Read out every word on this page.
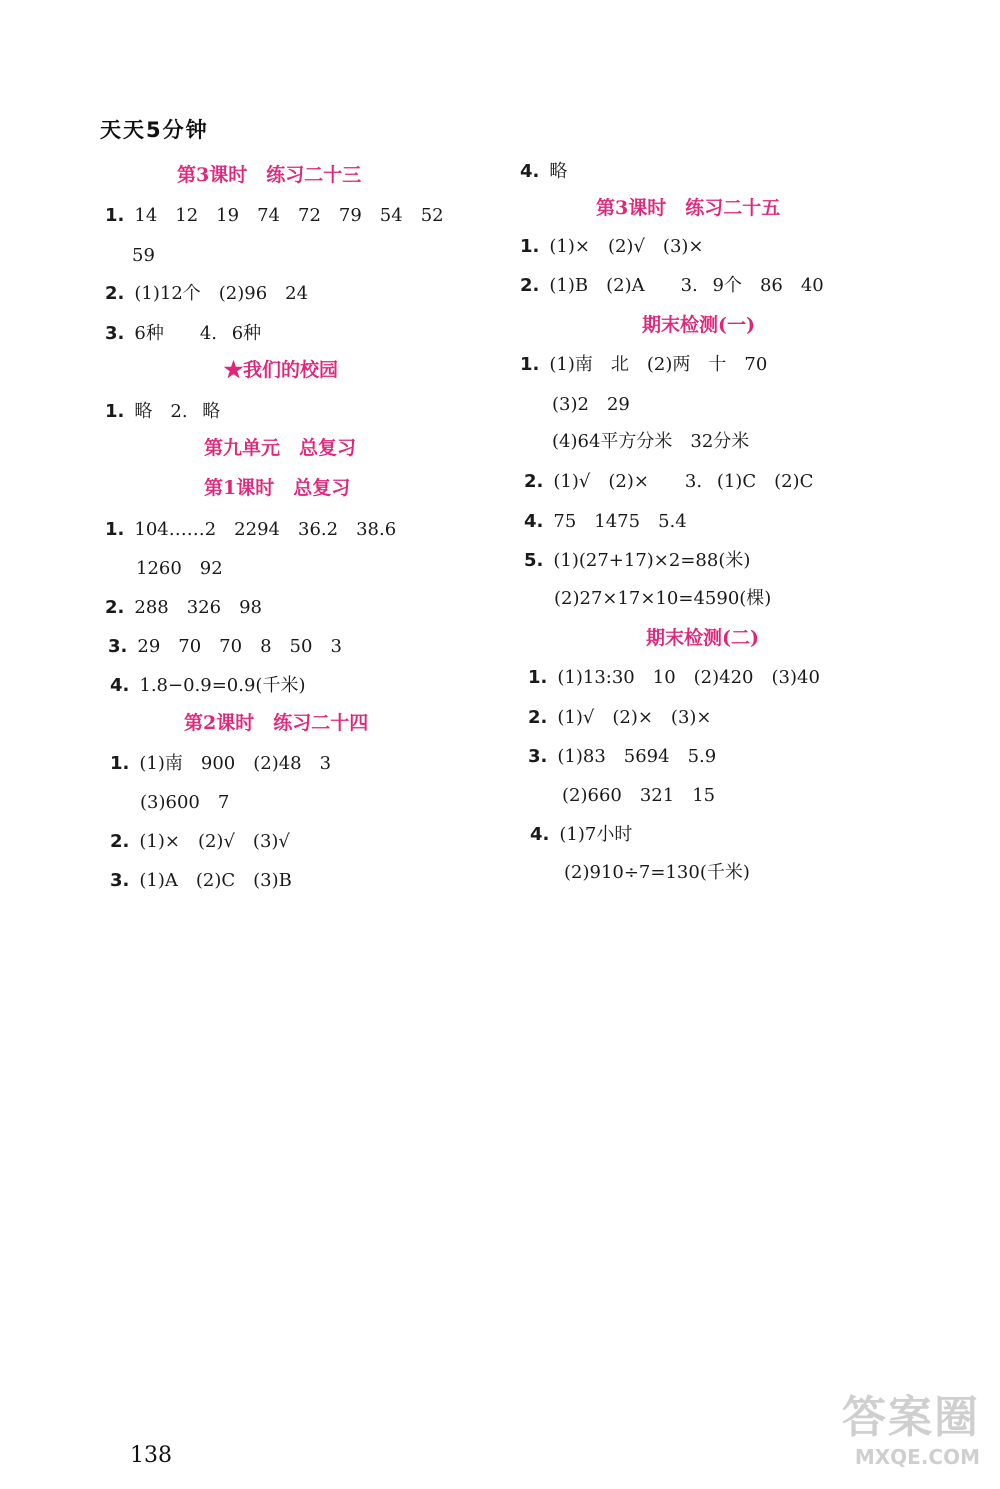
天天5分钟
第3课时　练习二十三
1. 14　12　19　74　72　79　54　52
59
2. (1)12个　(2)96　24
3. 6种　　4. 6种
★我们的校园
1. 略　2. 略
第九单元　总复习
第1课时　总复习
1. 104……2　2294　36.2　38.6
1260　92
2. 288　326　98
3. 29　70　70　8　50　3
4. 1.8−0.9=0.9(千米)
第2课时　练习二十四
1. (1)南　900　(2)48　3
(3)600　7
2. (1)×　(2)√　(3)√
3. (1)A　(2)C　(3)B
4. 略
第3课时　练习二十五
1. (1)×　(2)√　(3)×
2. (1)B　(2)A　　3. 9个　86　40
期末检测(一)
1. (1)南　北　(2)两　十　70
(3)2　29
(4)64平方分米　32分米
2. (1)√　(2)×　　3. (1)C　(2)C
4. 75　1475　5.4
5. (1)(27+17)×2=88(米)
(2)27×17×10=4590(棵)
期末检测(二)
1. (1)13:30　10　(2)420　(3)40
2. (1)√　(2)×　(3)×
3. (1)83　5694　5.9
(2)660　321　15
4. (1)7小时
(2)910÷7=130(千米)
138
答案圈
MXQE.COM
